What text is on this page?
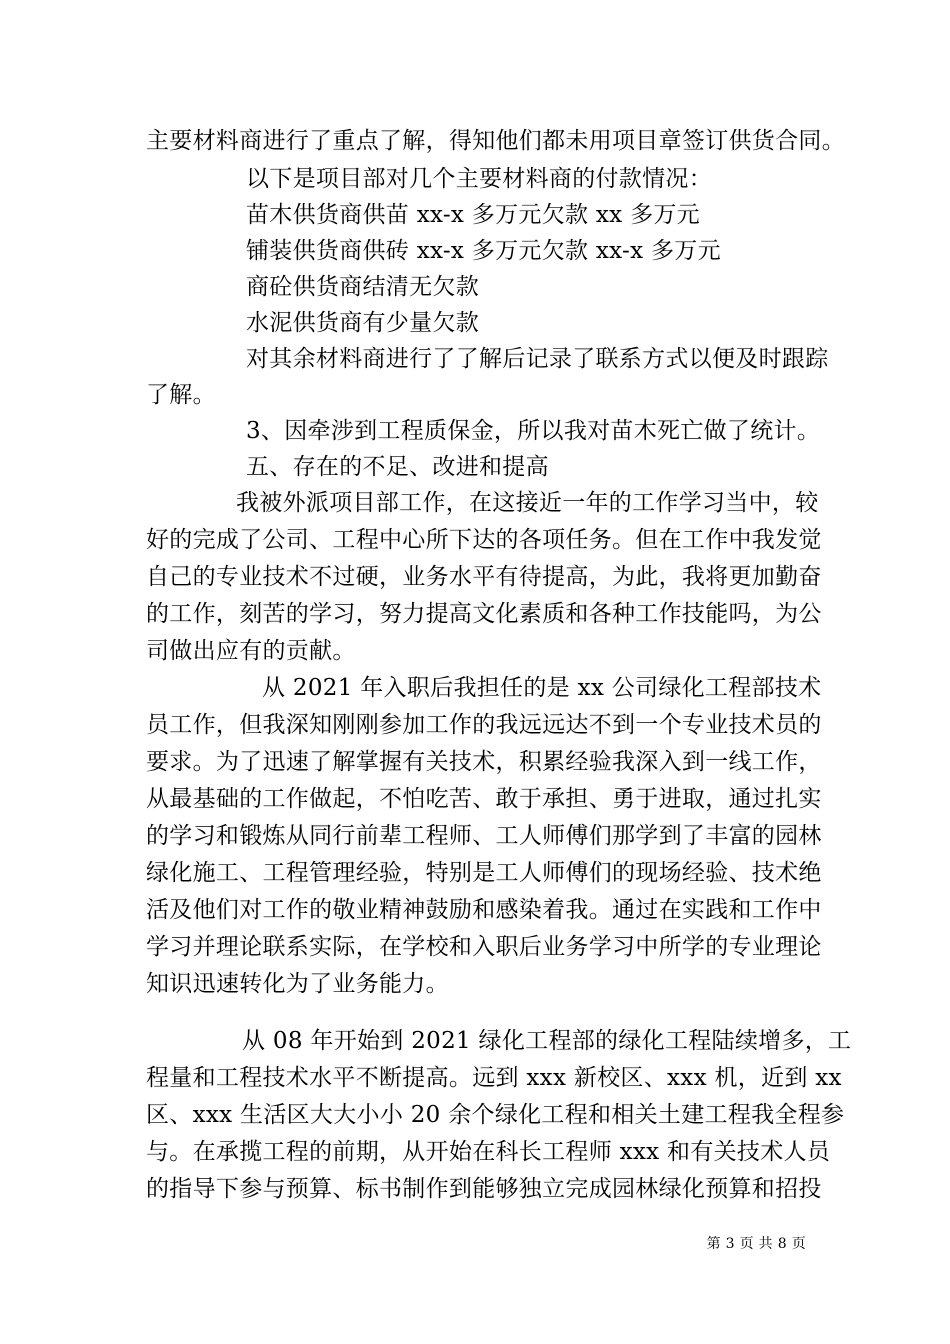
主要材料商进行了重点了解，得知他们都未用项目章签订供货合同。
以下是项目部对几个主要材料商的付款情况：
苗木供货商供苗 xx-x 多万元欠款 xx 多万元
铺装供货商供砖 xx-x 多万元欠款 xx-x 多万元
商砼供货商结清无欠款
水泥供货商有少量欠款
对其余材料商进行了了解后记录了联系方式以便及时跟踪
了解。
3、因牵涉到工程质保金，所以我对苗木死亡做了统计。
五、存在的不足、改进和提高
我被外派项目部工作，在这接近一年的工作学习当中，较
好的完成了公司、工程中心所下达的各项任务。但在工作中我发觉
自己的专业技术不过硬，业务水平有待提高，为此，我将更加勤奋
的工作，刻苦的学习，努力提高文化素质和各种工作技能吗，为公
司做出应有的贡献。
从 2021 年入职后我担任的是 xx 公司绿化工程部技术
员工作，但我深知刚刚参加工作的我远远达不到一个专业技术员的
要求。为了迅速了解掌握有关技术，积累经验我深入到一线工作，
从最基础的工作做起，不怕吃苦、敢于承担、勇于进取，通过扎实
的学习和锻炼从同行前辈工程师、工人师傅们那学到了丰富的园林
绿化施工、工程管理经验，特别是工人师傅们的现场经验、技术绝
活及他们对工作的敬业精神鼓励和感染着我。通过在实践和工作中
学习并理论联系实际，在学校和入职后业务学习中所学的专业理论
知识迅速转化为了业务能力。
从 08 年开始到 2021 绿化工程部的绿化工程陆续增多，工
程量和工程技术水平不断提高。远到 xxx 新校区、xxx 机，近到 xx
区、xxx 生活区大大小小 20 余个绿化工程和相关土建工程我全程参
与。在承揽工程的前期，从开始在科长工程师 xxx 和有关技术人员
的指导下参与预算、标书制作到能够独立完成园林绿化预算和招投
第 3 页 共 8 页
